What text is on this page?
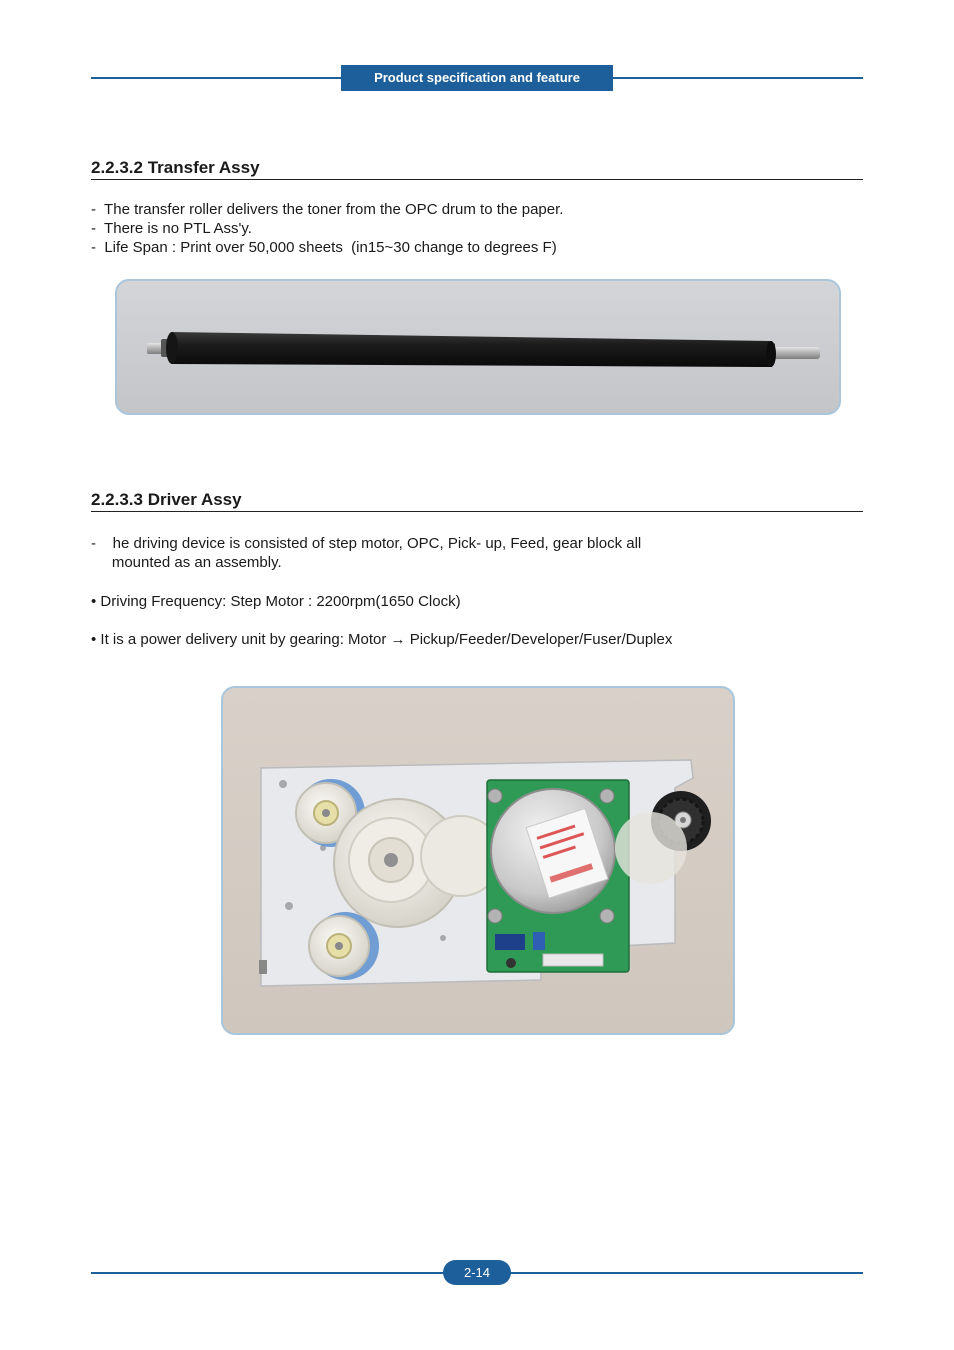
Product specification and feature
2.2.3.2 Transfer Assy
-  The transfer roller delivers the toner from the OPC drum to the paper.
-  There is no PTL Ass'y.
-  Life Span : Print over 50,000 sheets  (in15~30 change to degrees F)
2.2.3.3 Driver Assy
-    he driving device is consisted of step motor, OPC, Pick- up, Feed, gear block all
mounted as an assembly.
• Driving Frequency: Step Motor : 2200rpm(1650 Clock)
• It is a power delivery unit by gearing: Motor → Pickup/Feeder/Developer/Fuser/Duplex
2-14
